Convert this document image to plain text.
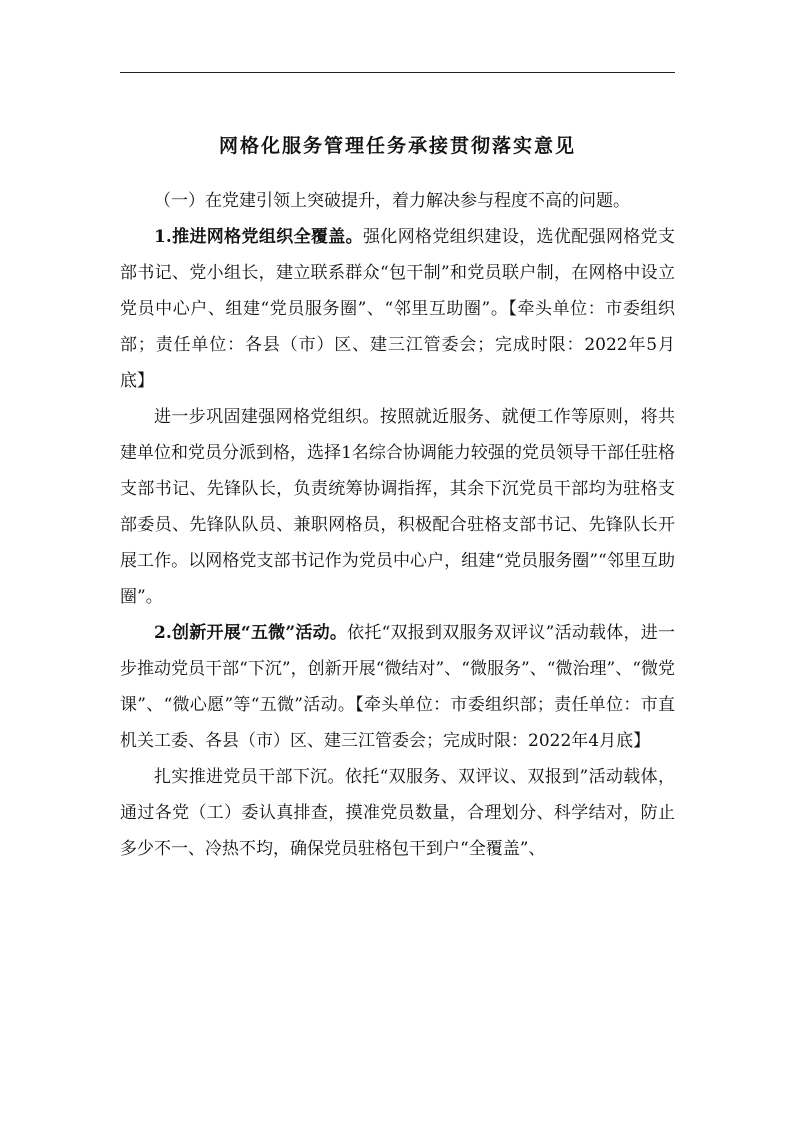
网格化服务管理任务承接贯彻落实意见

（一）在党建引领上突破提升，着力解决参与程度不高的问题。

1.推进网格党组织全覆盖。强化网格党组织建设，选优配强网格党支部书记、党小组长，建立联系群众“包干制”和党员联户制，在网格中设立党员中心户、组建“党员服务圈”、“邻里互助圈”。【牵头单位：市委组织部；责任单位：各县（市）区、建三江管委会；完成时限：2022年5月底】

进一步巩固建强网格党组织。按照就近服务、就便工作等原则，将共建单位和党员分派到格，选择1名综合协调能力较强的党员领导干部任驻格支部书记、先锋队长，负责统筹协调指挥，其余下沉党员干部均为驻格支部委员、先锋队队员、兼职网格员，积极配合驻格支部书记、先锋队长开展工作。以网格党支部书记作为党员中心户，组建“党员服务圈”“邻里互助圈”。

2.创新开展“五微”活动。依托“双报到双服务双评议”活动载体，进一步推动党员干部“下沉”，创新开展“微结对”、“微服务”、“微治理”、“微党课”、“微心愿”等“五微”活动。【牵头单位：市委组织部；责任单位：市直机关工委、各县（市）区、建三江管委会；完成时限：2022年4月底】

扎实推进党员干部下沉。依托“双服务、双评议、双报到”活动载体，通过各党（工）委认真排查，摸准党员数量，合理划分、科学结对，防止多少不一、冷热不均，确保党员驻格包干到户“全覆盖”、
